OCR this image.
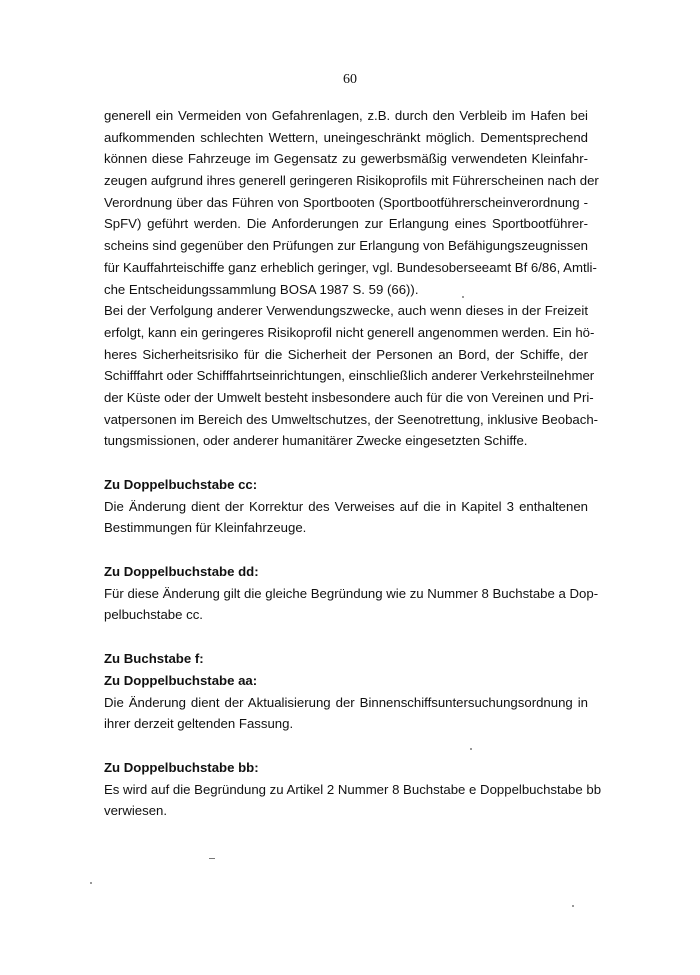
60
generell ein Vermeiden von Gefahrenlagen, z.B. durch den Verbleib im Hafen bei
aufkommenden schlechten Wettern, uneingeschränkt möglich. Dementsprechend
können diese Fahrzeuge im Gegensatz zu gewerbsmäßig verwendeten Kleinfahr-
zeugen aufgrund ihres generell geringeren Risikoprofils mit Führerscheinen nach der
Verordnung über das Führen von Sportbooten (Sportbootführerscheinverordnung -
SpFV) geführt werden. Die Anforderungen zur Erlangung eines Sportbootführer-
scheins sind gegenüber den Prüfungen zur Erlangung von Befähigungszeugnissen
für Kauffahrteischiffe ganz erheblich geringer, vgl. Bundesoberseeamt Bf 6/86, Amtli-
che Entscheidungssammlung BOSA 1987 S. 59 (66)).
Bei der Verfolgung anderer Verwendungszwecke, auch wenn dieses in der Freizeit
erfolgt, kann ein geringeres Risikoprofil nicht generell angenommen werden. Ein hö-
heres Sicherheitsrisiko für die Sicherheit der Personen an Bord, der Schiffe, der
Schifffahrt oder Schifffahrtseinrichtungen, einschließlich anderer Verkehrsteilnehmer
der Küste oder der Umwelt besteht insbesondere auch für die von Vereinen und Pri-
vatpersonen im Bereich des Umweltschutzes, der Seenotrettung, inklusive Beobach-
tungsmissionen, oder anderer humanitärer Zwecke eingesetzten Schiffe.
Zu Doppelbuchstabe cc:
Die Änderung dient der Korrektur des Verweises auf die in Kapitel 3 enthaltenen
Bestimmungen für Kleinfahrzeuge.
Zu Doppelbuchstabe dd:
Für diese Änderung gilt die gleiche Begründung wie zu Nummer 8 Buchstabe a Dop-
pelbuchstabe cc.
Zu Buchstabe f:
Zu Doppelbuchstabe aa:
Die Änderung dient der Aktualisierung der Binnenschiffsuntersuchungsordnung in
ihrer derzeit geltenden Fassung.
Zu Doppelbuchstabe bb:
Es wird auf die Begründung zu Artikel 2 Nummer 8 Buchstabe e Doppelbuchstabe bb
verwiesen.
